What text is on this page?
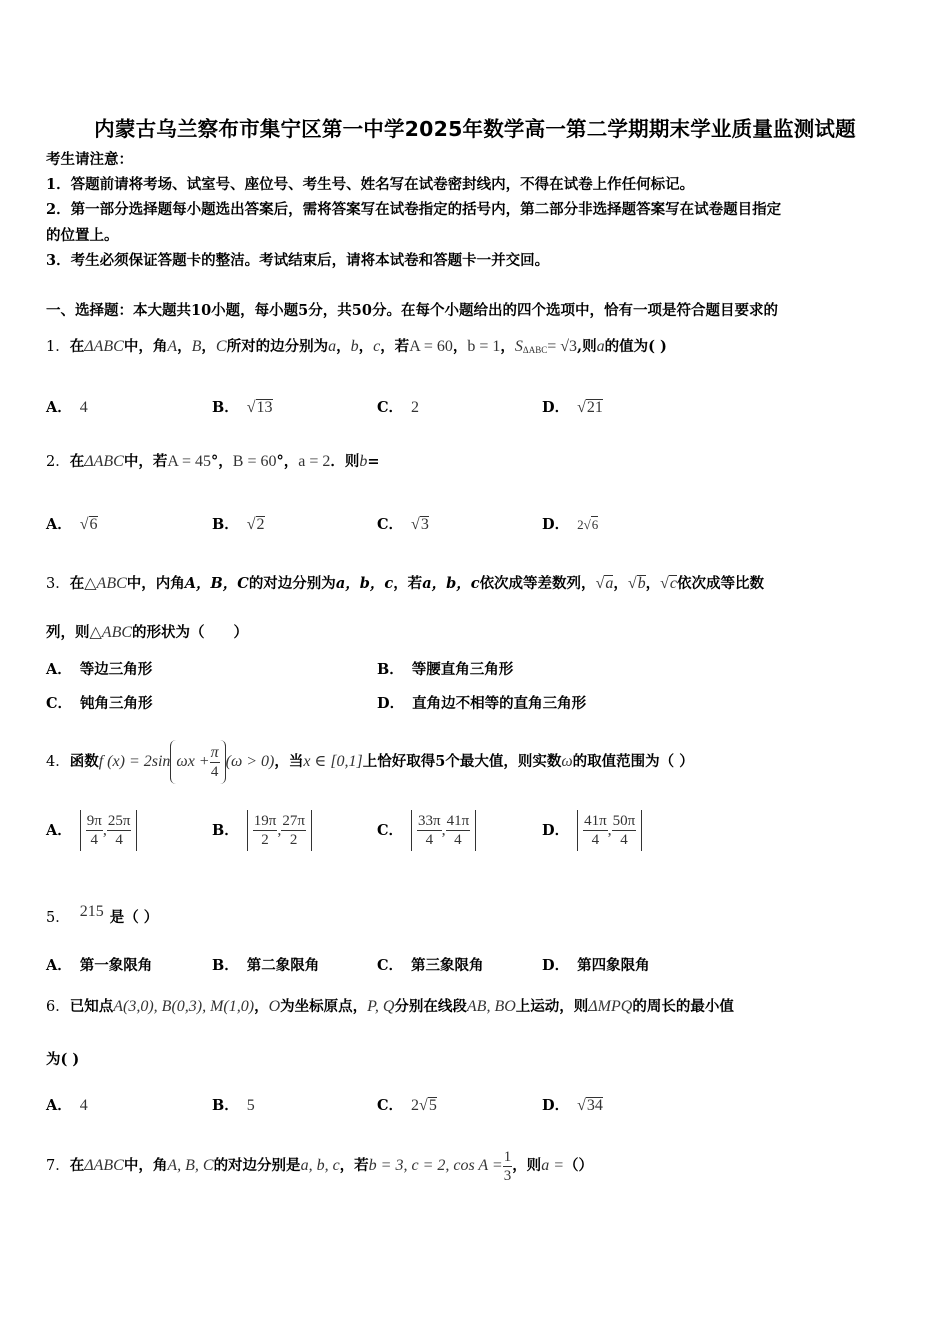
内蒙古乌兰察布市集宁区第一中学2025年数学高一第二学期期末学业质量监测试题
考生请注意：
1．答题前请将考场、试室号、座位号、考生号、姓名写在试卷密封线内，不得在试卷上作任何标记。
2．第一部分选择题每小题选出答案后，需将答案写在试卷指定的括号内，第二部分非选择题答案写在试卷题目指定
的位置上。
3．考生必须保证答题卡的整洁。考试结束后，请将本试卷和答题卡一并交回。
一、选择题：本大题共10小题，每小题5分，共50分。在每个小题给出的四个选项中，恰有一项是符合题目要求的
1．在ΔABC中，角A，B，C所对的边分别为a，b，c，若A = 60，b = 1，$S_{\Delta ABC}= √3$,则a的值为( )
A． 4	B． √13	C． 2	D． √21
2．在ΔABC中，若A = 45°，B = 60°，a = 2．则b=
A． √6	B． √2	C． √3	D． 2√6
3．在△ABC中，内角A，B，C的对边分别为a，b，c，若a，b，c依次成等差数列，√a，√b，√c依次成等比数
列，则△ABC的形状为（　　）
A． 等边三角形	B． 等腰直角三角形
C． 钝角三角形	D． 直角边不相等的直角三角形
4．函数f (x) = 2sin $\omega x + \frac{\pi}{4} (\omega > 0)$，当x ∈ [0,1]上恰好取得5个最大值，则实数ω的取值范围为（ ）
A． $\frac{9\pi}{4}$ , $\frac{25\pi}{4}$	B． $\frac{19\pi}{2}$ , $\frac{27\pi}{2}$	C． $\frac{33\pi}{4}$ , $\frac{41\pi}{4}$	D． $\frac{41\pi}{4}$ , $\frac{50\pi}{4}$
5． 215 是（ ）
A． 第一象限角	B． 第二象限角	C． 第三象限角	D． 第四象限角
6．已知点A(3,0), B(0,3), M(1,0)，O为坐标原点，P, Q分别在线段AB, BO上运动，则ΔMPQ的周长的最小值
为( )
A． 4	B． 5	C． 2√5	D． √34
7．在ΔABC中，角A, B, C的对边分别是a, b, c，若b = 3, c = 2, $\cos A = \frac{1}{3}$ ，则a =（）
